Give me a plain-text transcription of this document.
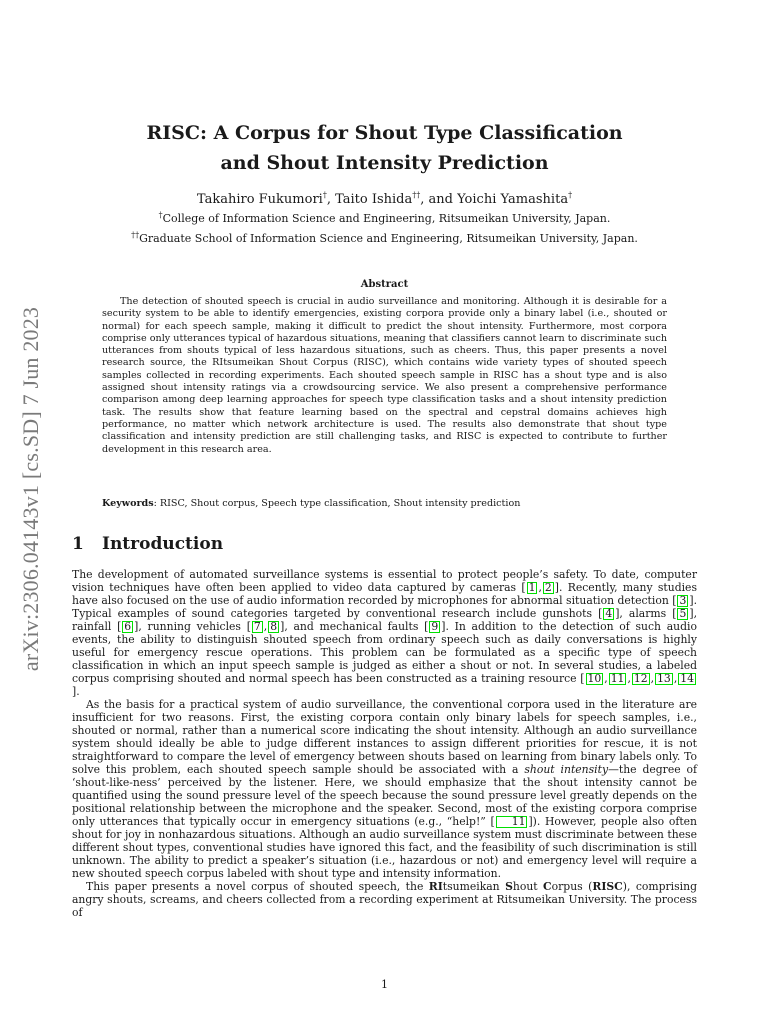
arXiv:2306.04143v1 [cs.SD] 7 Jun 2023
RISC: A Corpus for Shout Type Classification
and Shout Intensity Prediction
Takahiro Fukumori†, Taito Ishida††, and Yoichi Yamashita†
†College of Information Science and Engineering, Ritsumeikan University, Japan.
††Graduate School of Information Science and Engineering, Ritsumeikan University, Japan.
Abstract

The detection of shouted speech is crucial in audio surveillance and monitoring. Although it is desirable for a security system to be able to identify emergencies, existing corpora provide only a binary label (i.e., shouted or normal) for each speech sample, making it difficult to predict the shout intensity. Furthermore, most corpora comprise only utterances typical of hazardous situations, meaning that classifiers cannot learn to discriminate such utterances from shouts typical of less hazardous situations, such as cheers. Thus, this paper presents a novel research source, the RItsumeikan Shout Corpus (RISC), which contains wide variety types of shouted speech samples collected in recording experiments. Each shouted speech sample in RISC has a shout type and is also assigned shout intensity ratings via a crowdsourcing service. We also present a comprehensive performance comparison among deep learning approaches for speech type classification tasks and a shout intensity prediction task. The results show that feature learning based on the spectral and cepstral domains achieves high performance, no matter which network architecture is used. The results also demonstrate that shout type classification and intensity prediction are still challenging tasks, and RISC is expected to contribute to further development in this research area.

Keywords: RISC, Shout corpus, Speech type classification, Shout intensity prediction

1 Introduction

The development of automated surveillance systems is essential to protect people’s safety. To date, computer vision techniques have often been applied to video data captured by cameras [ 1 , 2 ]. Recently, many studies have also focused on the use of audio information recorded by microphones for abnormal situation detection [ 3 ]. Typical examples of sound categories targeted by conventional research include gunshots [ 4 ], alarms [ 5 ], rainfall [ 6 ], running vehicles [ 7 , 8 ], and mechanical faults [ 9 ]. In addition to the detection of such audio events, the ability to distinguish shouted speech from ordinary speech such as daily conversations is highly useful for emergency rescue operations. This problem can be formulated as a specific type of speech classification in which an input speech sample is judged as either a shout or not. In several studies, a labeled corpus comprising shouted and normal speech has been constructed as a training resource [ 10 , 11 , 12 , 13 , 14].

As the basis for a practical system of audio surveillance, the conventional corpora used in the literature are insufficient for two reasons. First, the existing corpora contain only binary labels for speech samples, i.e., shouted or normal, rather than a numerical score indicating the shout intensity. Although an audio surveillance system should ideally be able to judge different instances to assign different priorities for rescue, it is not straightforward to compare the level of emergency between shouts based on learning from binary labels only. To solve this problem, each shouted speech sample should be associated with a shout intensity—the degree of ‘shout-like-ness’ perceived by the listener. Here, we should emphasize that the shout intensity cannot be quantified using the sound pressure level of the speech because the sound pressure level greatly depends on the positional relationship between the microphone and the speaker. Second, most of the existing corpora comprise only utterances that typically occur in emergency situations (e.g., “help!” [ 11 ]). However, people also often shout for joy in nonhazardous situations. Although an audio surveillance system must discriminate between these different shout types, conventional studies have ignored this fact, and the feasibility of such discrimination is still unknown. The ability to predict a speaker’s situation (i.e., hazardous or not) and emergency level will require a new shouted speech corpus labeled with shout type and intensity information.

This paper presents a novel corpus of shouted speech, the RItsumeikan Shout Corpus (RISC), comprising angry shouts, screams, and cheers collected from a recording experiment at Ritsumeikan University. The process of

1
